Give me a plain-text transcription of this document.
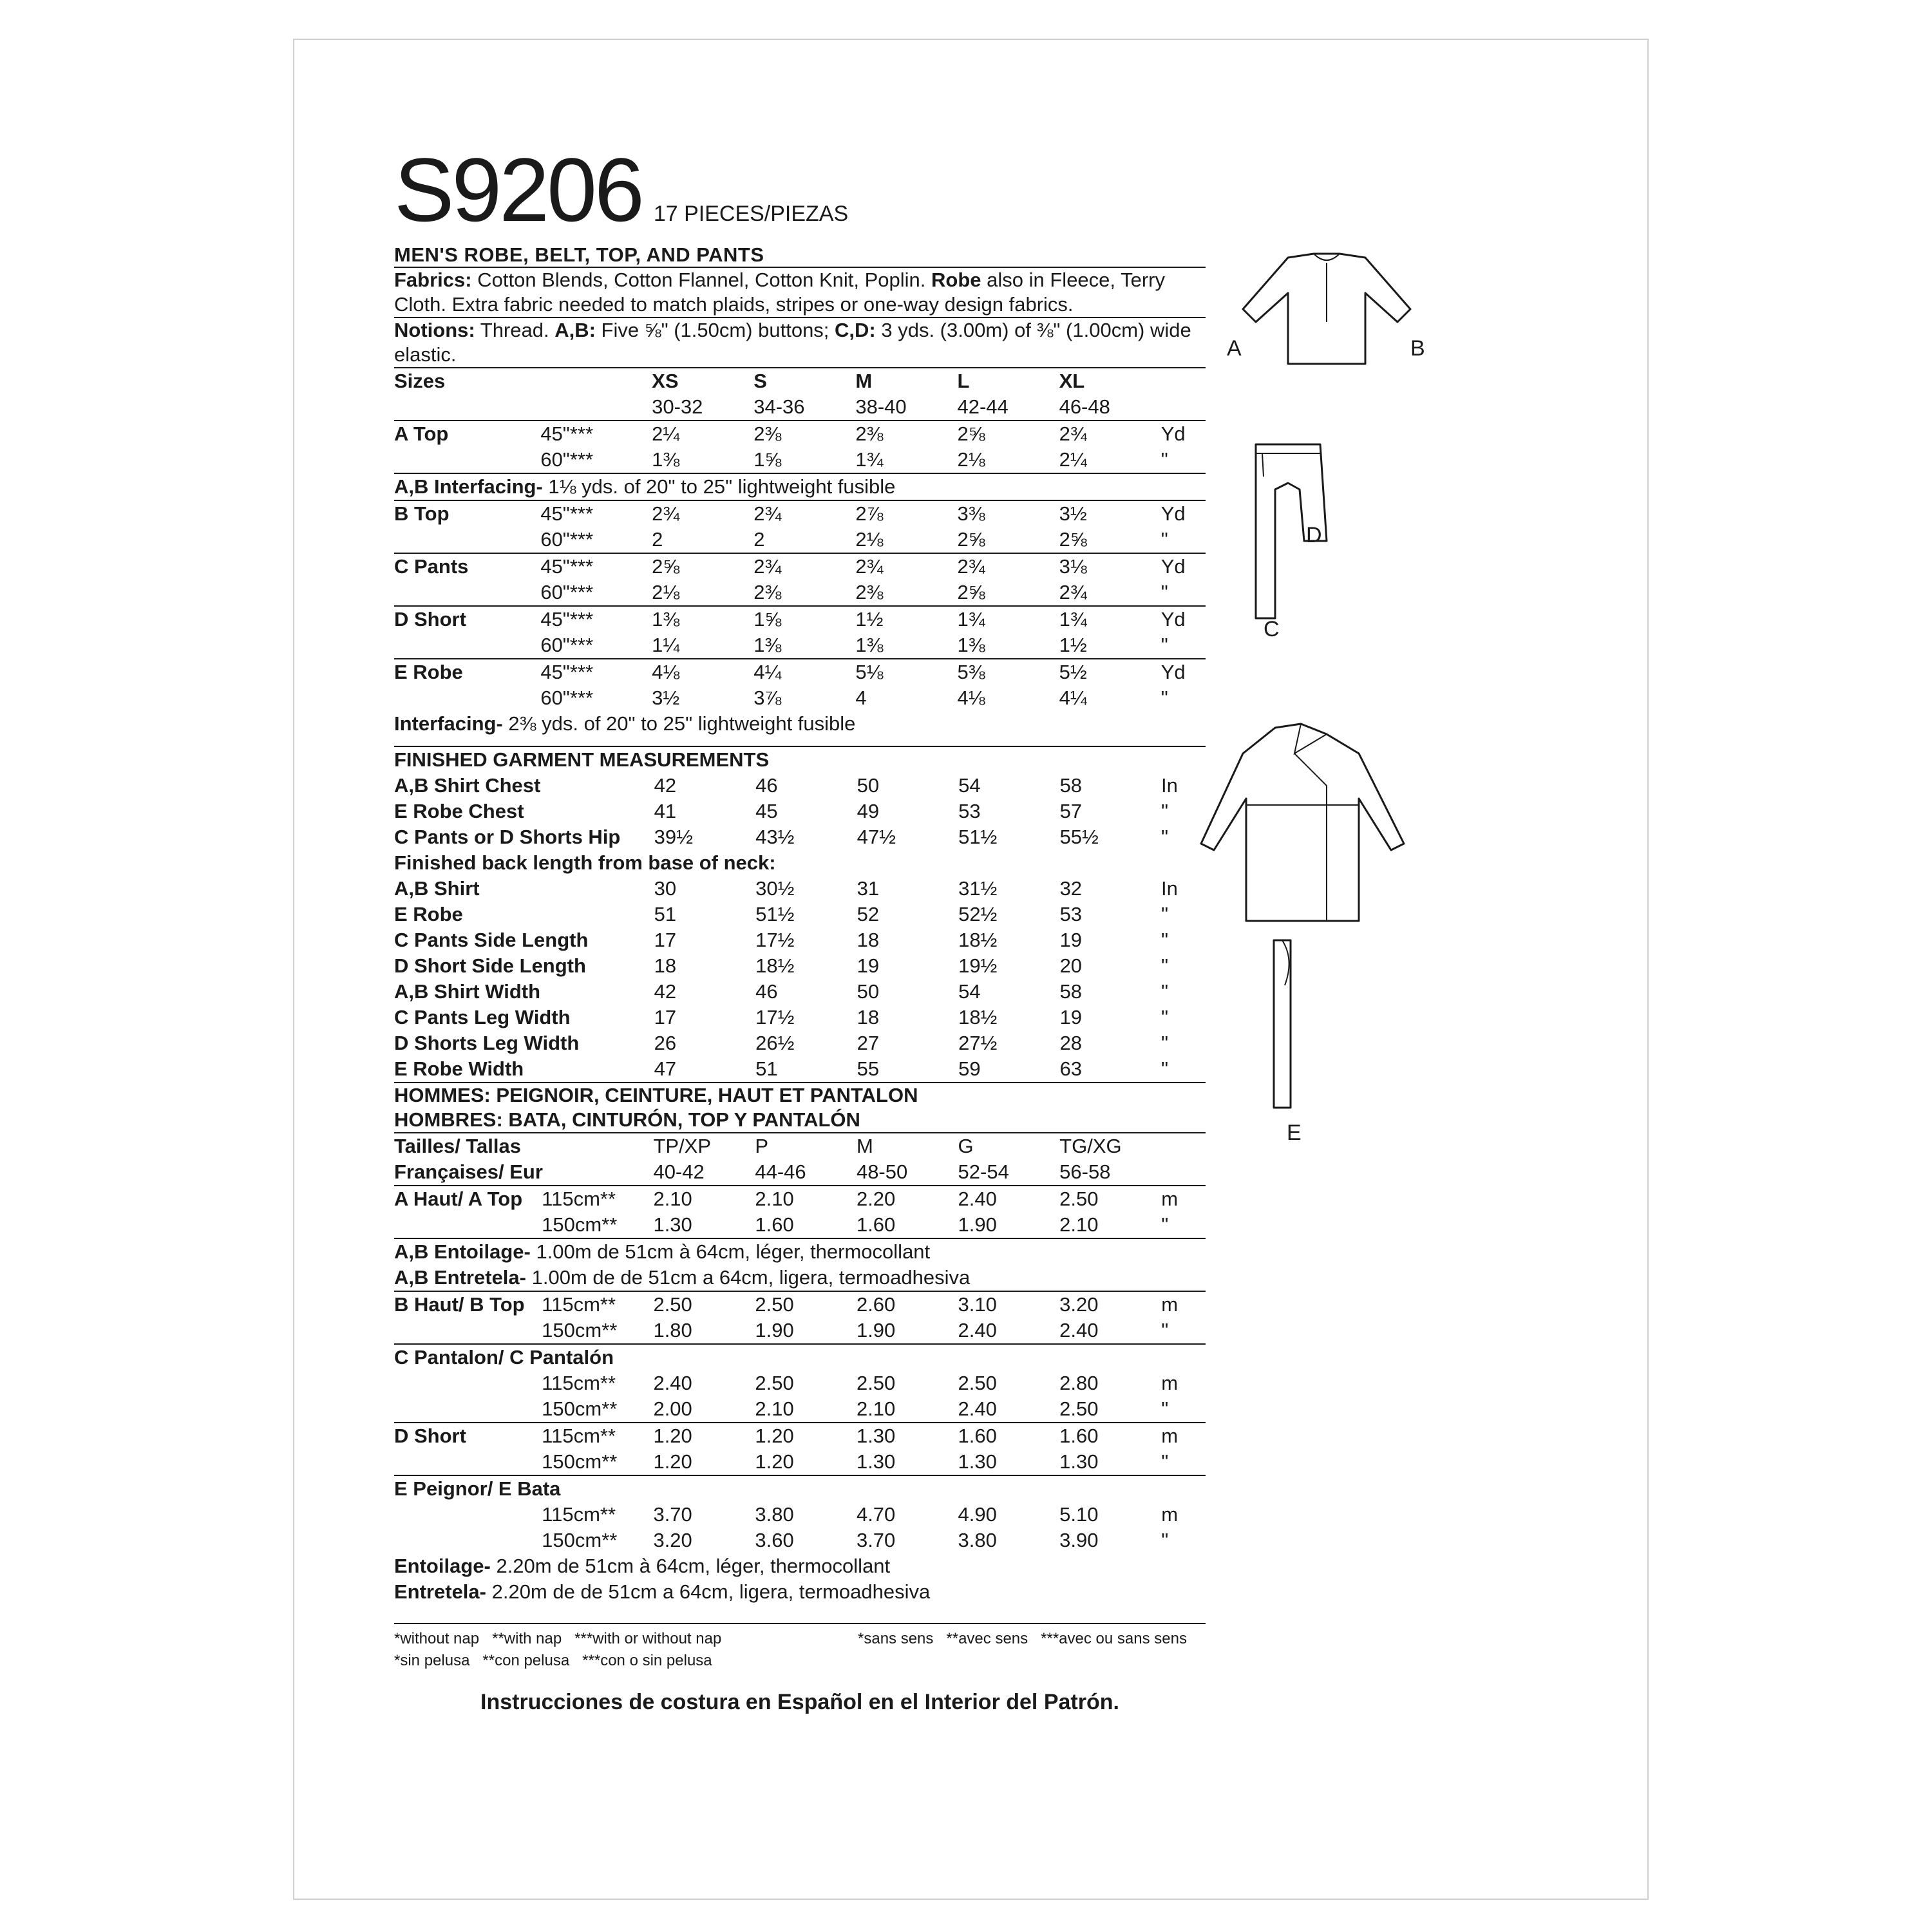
S9206 17 PIECES/PIEZAS
MEN'S ROBE, BELT, TOP, AND PANTS
Fabrics: Cotton Blends, Cotton Flannel, Cotton Knit, Poplin. Robe also in Fleece, Terry Cloth. Extra fabric needed to match plaids, stripes or one-way design fabrics.
Notions: Thread. A,B: Five ⅝" (1.50cm) buttons; C,D: 3 yds. (3.00m) of ⅜" (1.00cm) wide elastic.
Sizes		XS	S	M	L	XL	
		30-32	34-36	38-40	42-44	46-48	
A Top	45"***	2¼	2⅜	2⅜	2⅝	2¾	Yd
	60"***	1⅜	1⅝	1¾	2⅛	2¼	"
A,B Interfacing- 1⅛ yds. of 20" to 25" lightweight fusible							
B Top	45"***	2¾	2¾	2⅞	3⅜	3½	Yd
	60"***	2	2	2⅛	2⅝	2⅝	"
C Pants	45"***	2⅝	2¾	2¾	2¾	3⅛	Yd
	60"***	2⅛	2⅜	2⅜	2⅝	2¾	"
D Short	45"***	1⅜	1⅝	1½	1¾	1¾	Yd
	60"***	1¼	1⅜	1⅜	1⅜	1½	"
E Robe	45"***	4⅛	4¼	5⅛	5⅜	5½	Yd
	60"***	3½	3⅞	4	4⅛	4¼	"
Interfacing- 2⅜ yds. of 20" to 25" lightweight fusible							

FINISHED GARMENT MEASUREMENTS							
A,B Shirt Chest		42	46	50	54	58	In
E Robe Chest		41	45	49	53	57	"
C Pants or D Shorts Hip		39½	43½	47½	51½	55½	"
Finished back length from base of neck:							
A,B Shirt		30	30½	31	31½	32	In
E Robe		51	51½	52	52½	53	"
C Pants Side Length		17	17½	18	18½	19	"
D Short Side Length		18	18½	19	19½	20	"
A,B Shirt Width		42	46	50	54	58	"
C Pants Leg Width		17	17½	18	18½	19	"
D Shorts Leg Width		26	26½	27	27½	28	"
E Robe Width		47	51	55	59	63	"

HOMMES: PEIGNOIR, CEINTURE, HAUT ET PANTALON
HOMBRES: BATA, CINTURÓN, TOP Y PANTALÓN							

Tailles/ Tallas		TP/XP	P	M	G	TG/XG	
Françaises/ Eur		40-42	44-46	48-50	52-54	56-58	
A Haut/ A Top	115cm**	2.10	2.10	2.20	2.40	2.50	m
	150cm**	1.30	1.60	1.60	1.90	2.10	"
A,B Entoilage- 1.00m de 51cm à 64cm, léger, thermocollant							
A,B Entretela- 1.00m de de 51cm a 64cm, ligera, termoadhesiva							
B Haut/ B Top	115cm**	2.50	2.50	2.60	3.10	3.20	m
	150cm**	1.80	1.90	1.90	2.40	2.40	"
C Pantalon/ C Pantalón							
	115cm**	2.40	2.50	2.50	2.50	2.80	m
	150cm**	2.00	2.10	2.10	2.40	2.50	"
D Short	115cm**	1.20	1.20	1.30	1.60	1.60	m
	150cm**	1.20	1.20	1.30	1.30	1.30	"
E Peignor/ E Bata							
	115cm**	3.70	3.80	4.70	4.90	5.10	m
	150cm**	3.20	3.60	3.70	3.80	3.90	"
Entoilage- 2.20m de 51cm à 64cm, léger, thermocollant							
Entretela- 2.20m de de 51cm a 64cm, ligera, termoadhesiva							
*without nap   **with nap   ***with or without nap
*sin pelusa   **con pelusa   ***con o sin pelusa
*sans sens   **avec sens   ***avec ou sans sens
Instrucciones de costura en Español en el Interior del Patrón.
A	B
D
C
E
